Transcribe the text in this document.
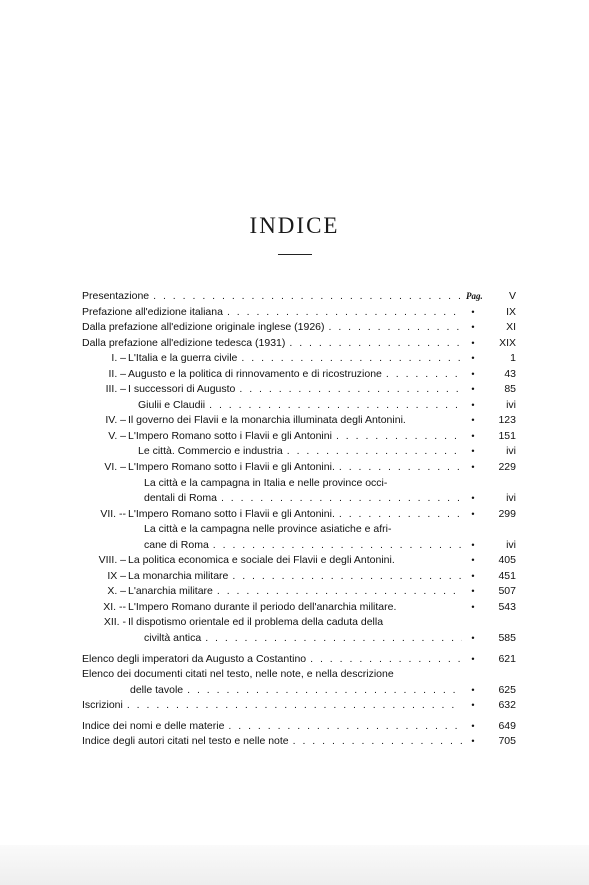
INDICE
Presentazione . . .	Pag.	V
Prefazione all'edizione italiana . . .	•	IX
Dalla prefazione all'edizione originale inglese (1926) . . .	•	XI
Dalla prefazione all'edizione tedesca (1931) . . .	•	XIX
I. – L'Italia e la guerra civile . . .	•	1
II. – Augusto e la politica di rinnovamento e di ricostruzione . . .	•	43
III. – I successori di Augusto . . .	•	85
Giulii e Claudii . . .	•	ivi
IV. – Il governo dei Flavii e la monarchia illuminata degli Antonini.	•	123
V. – L'Impero Romano sotto i Flavii e gli Antonini . . .	•	151
Le città. Commercio e industria . . .	•	ivi
VI. – L'Impero Romano sotto i Flavii e gli Antonini. . . .	•	229
La città e la campagna in Italia e nelle province occi-
dentali di Roma . . .	•	ivi
VII. -- L'Impero Romano sotto i Flavii e gli Antonini. . . .	•	299
La città e la campagna nelle province asiatiche e afri-
cane di Roma . . .	•	ivi
VIII. – La politica economica e sociale dei Flavii e degli Antonini.	•	405
IX – La monarchia militare . . .	•	451
X. – L'anarchia militare . . .	•	507
XI. -- L'Impero Romano durante il periodo dell'anarchia militare.	•	543
XII. - Il dispotismo orientale ed il problema della caduta della
civiltà antica . . .	•	585
Elenco degli imperatori da Augusto a Costantino . . .	•	621
Elenco dei documenti citati nel testo, nelle note, e nella descrizione
delle tavole . . .	•	625
Iscrizioni . . .	•	632
Indice dei nomi e delle materie . . .	•	649
Indice degli autori citati nel testo e nelle note . . .	•	705
